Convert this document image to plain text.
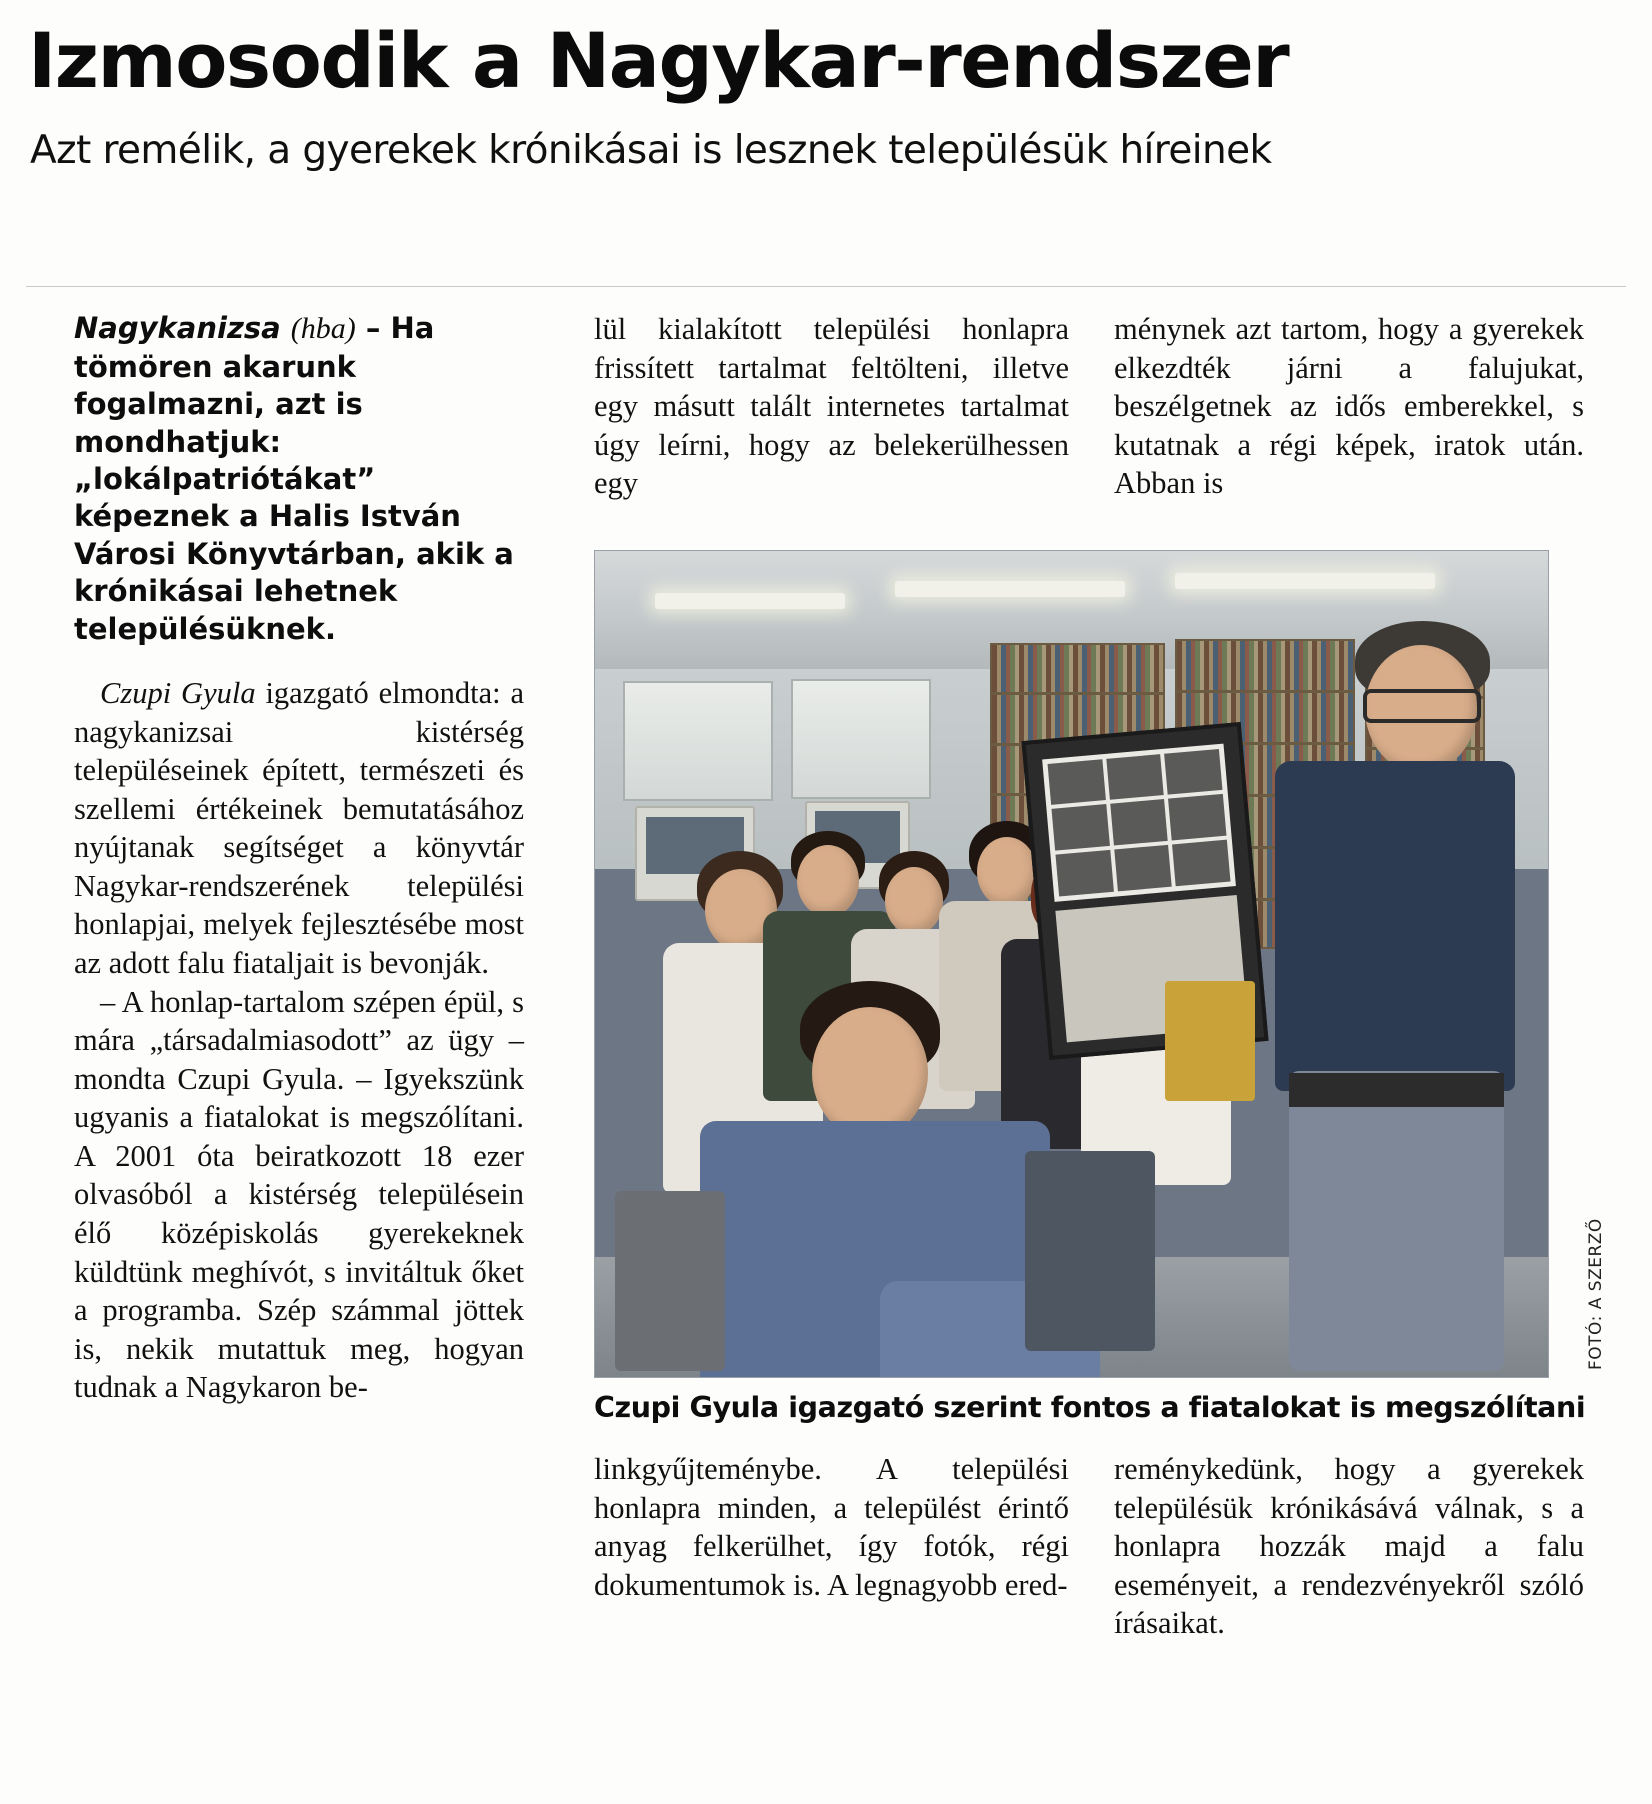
Izmosodik a Nagykar-rendszer
Azt remélik, a gyerekek krónikásai is lesznek településük híreinek
Nagykanizsa (hba) – Ha tömören akarunk fogalmazni, azt is mondhatjuk: „lokálpatriótákat” képeznek a Halis István Városi Könyvtárban, akik a krónikásai lehetnek településüknek.

Czupi Gyula igazgató elmondta: a nagykanizsai kistérség településeinek épített, természeti és szellemi értékeinek bemutatásához nyújtanak segítséget a könyvtár Nagykar-rendszerének települési honlapjai, melyek fejlesztésébe most az adott falu fiataljait is bevonják.

– A honlap-tartalom szépen épül, s mára „társadalmiasodott” az ügy – mondta Czupi Gyula. – Igyekszünk ugyanis a fiatalokat is megszólítani. A 2001 óta beiratkozott 18 ezer olvasóból a kistérség településein élő középiskolás gyerekeknek küldtünk meghívót, s invitáltuk őket a programba. Szép számmal jöttek is, nekik mutattuk meg, hogyan tudnak a Nagykaron be-

lül kialakított települési honlapra frissített tartalmat feltölteni, illetve egy másutt talált internetes tartalmat úgy leírni, hogy az belekerülhessen egy

ménynek azt tartom, hogy a gyerekek elkezdték járni a falujukat, beszélgetnek az idős emberekkel, s kutatnak a régi képek, iratok után. Abban is

FOTÓ: A SZERZŐ
Czupi Gyula igazgató szerint fontos a fiatalokat is megszólítani

linkgyűjteménybe. A települési honlapra minden, a települést érintő anyag felkerülhet, így fotók, régi dokumentumok is. A legnagyobb ered-

reménykedünk, hogy a gyerekek településük krónikásává válnak, s a honlapra hozzák majd a falu eseményeit, a rendezvényekről szóló írásaikat.
